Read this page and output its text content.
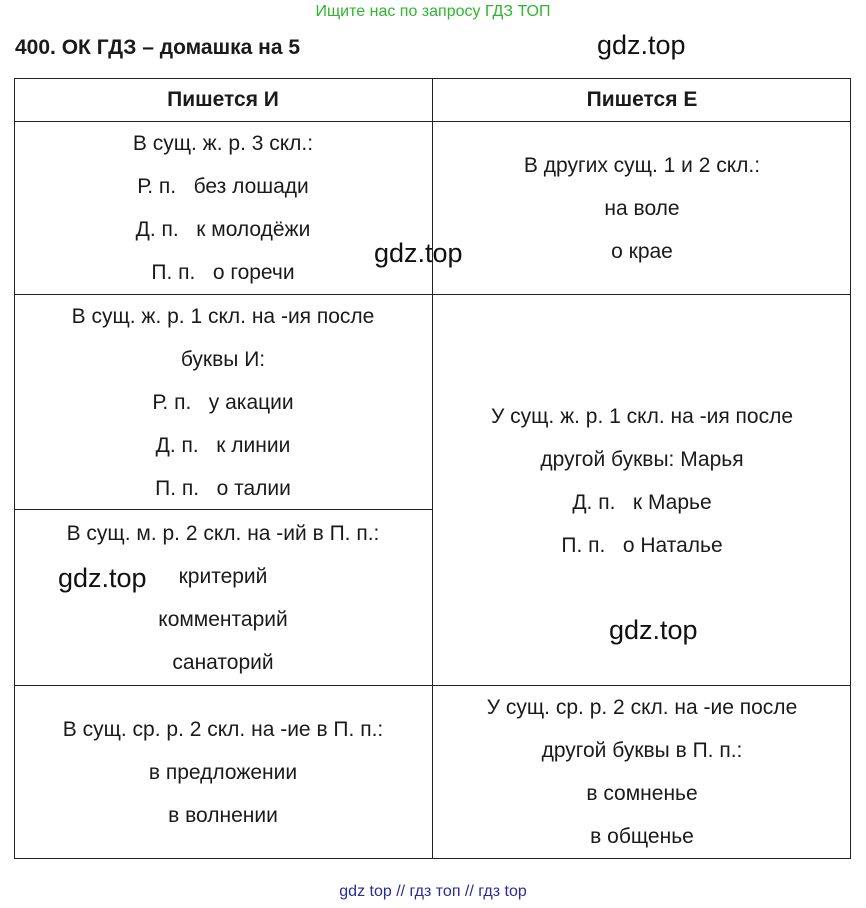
Ищите нас по запросу ГДЗ ТОП
400. ОК ГДЗ – домашка на 5	gdz.top
Пишется И	Пишется Е
В сущ. ж. р. 3 скл.:
Р. п.   без лошади
Д. п.   к молодёжи
П. п.   о горечи
В сущ. ж. р. 1 скл. на -ия после
буквы И:
Р. п.   у акации
Д. п.   к линии
П. п.   о талии
В сущ. м. р. 2 скл. на -ий в П. п.:
критерий
комментарий
санаторий
В сущ. ср. р. 2 скл. на -ие в П. п.:
в предложении
в волнении
В других сущ. 1 и 2 скл.:
на воле
о крае
У сущ. ж. р. 1 скл. на -ия после
другой буквы: Марья
Д. п.   к Марье
П. п.   о Наталье
У сущ. ср. р. 2 скл. на -ие после
другой буквы в П. п.:
в сомненье
в общенье
gdz.top
gdz.top
gdz.top
gdz top // гдз топ // гдз top
